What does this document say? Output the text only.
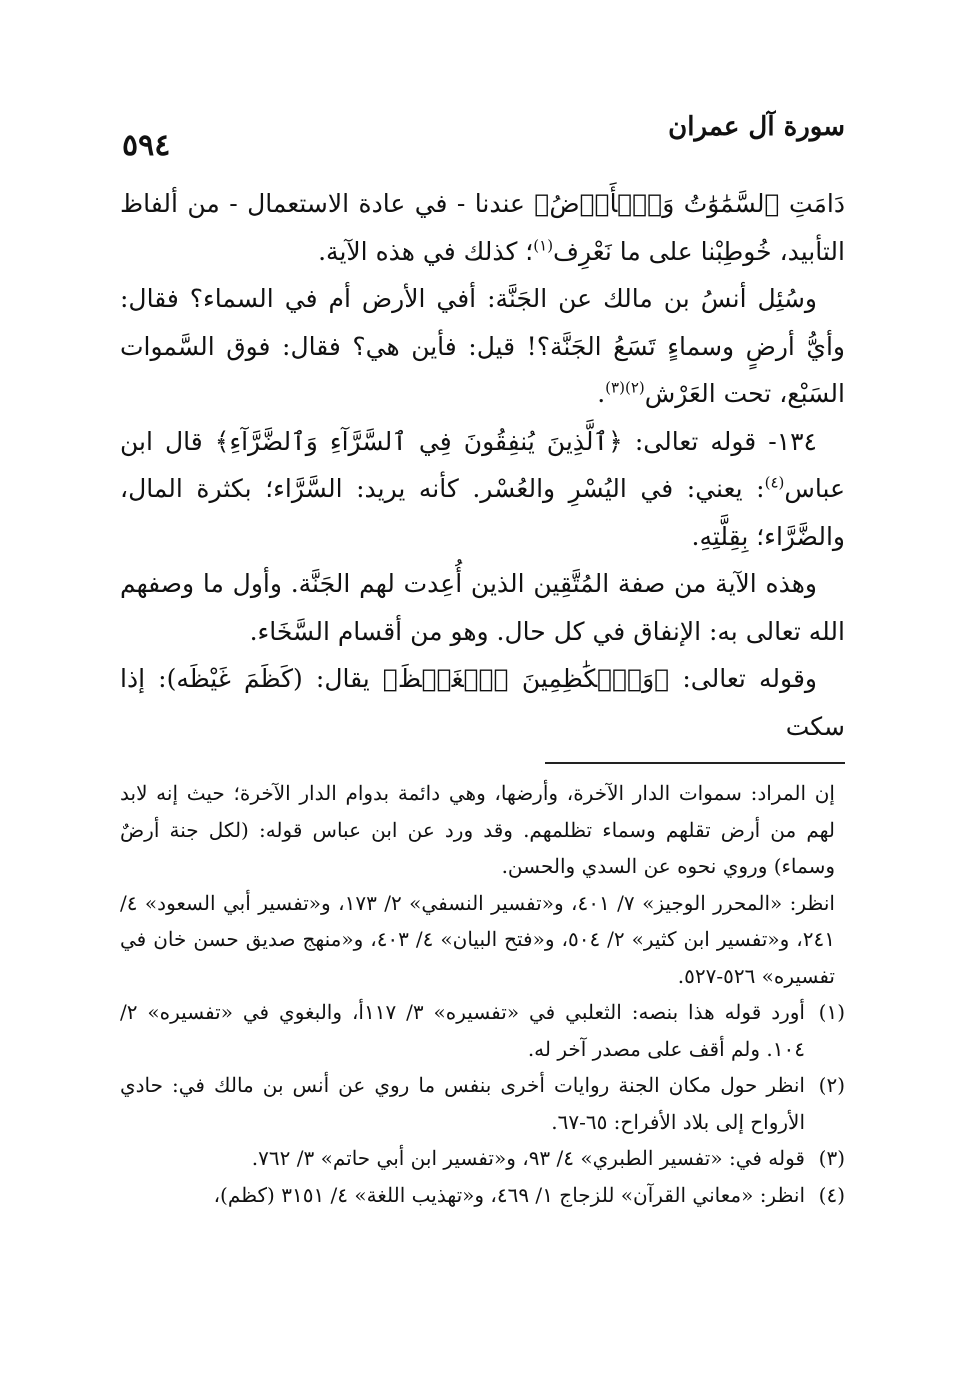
سورة آل عمران
٥٩٤

دَامَتِ ٱلسَّمَٰوَٰتُ وَٱلۡأَرۡضُ﴾ عندنا - في عادة الاستعمال - من ألفاظ التأبيد، خُوطِبْنا على ما نَعْرِف$^{(١)}$؛ كذلك في هذه الآية.

وسُئِل أنسُ بن مالك عن الجَنَّة: أفي الأرض أم في السماء؟ فقال: وأيُّ أرضٍ وسماءٍ تَسَعُ الجَنَّة؟! قيل: فأين هي؟ فقال: فوق السَّموات السَبْع، تحت العَرْش$^{(٢)(٣)}$.

١٣٤- قوله تعالى: ﴿ٱلَّذِينَ يُنفِقُونَ فِي ٱلسَّرَّآءِ وَٱلضَّرَّآءِ﴾ قال ابن عباس$^{(٤)}$: يعني: في اليُسْرِ والعُسْر. كأنه يريد: السَّرَّاء؛ بكثرة المال، والضَّرَّاء؛ بِقِلَّتِهِ.

وهذه الآية من صفة المُتَّقِين الذين أُعِدت لهم الجَنَّة. وأول ما وصفهم الله تعالى به: الإنفاق في كل حال. وهو من أقسام السَّخَاء.

وقوله تعالى: ﴿وَٱلۡكَٰظِمِينَ ٱلۡغَيۡظَ﴾ يقال: (كَظَمَ غَيْظَه): إذا سكت

إن المراد: سموات الدار الآخرة، وأرضها، وهي دائمة بدوام الدار الآخرة؛ حيث إنه لابد لهم من أرض تقلهم وسماء تظلمهم. وقد ورد عن ابن عباس قوله: (لكل جنة أرضٌ وسماء) وروي نحوه عن السدي والحسن.

انظر: «المحرر الوجيز» ٧/ ٤٠١، و«تفسير النسفي» ٢/ ١٧٣، و«تفسير أبي السعود» ٤/ ٢٤١، و«تفسير ابن كثير» ٢/ ٥٠٤، و«فتح البيان» ٤/ ٤٠٣، و«منهج صديق حسن خان في تفسيره» ٥٢٦-٥٢٧.

(١)
أورد قوله هذا بنصه: الثعلبي في «تفسيره» ٣/ ١١٧أ، والبغوي في «تفسيره» ٢/ ١٠٤. ولم أقف على مصدر آخر له.
(٢)
انظر حول مكان الجنة روايات أخرى بنفس ما روي عن أنس بن مالك في: حادي الأرواح إلى بلاد الأفراح: ٦٥-٦٧.
(٣)
قوله في: «تفسير الطبري» ٤/ ٩٣، و«تفسير ابن أبي حاتم» ٣/ ٧٦٢.
(٤)
انظر: «معاني القرآن» للزجاج ١/ ٤٦٩، و«تهذيب اللغة» ٤/ ٣١٥١ (كظم)،
